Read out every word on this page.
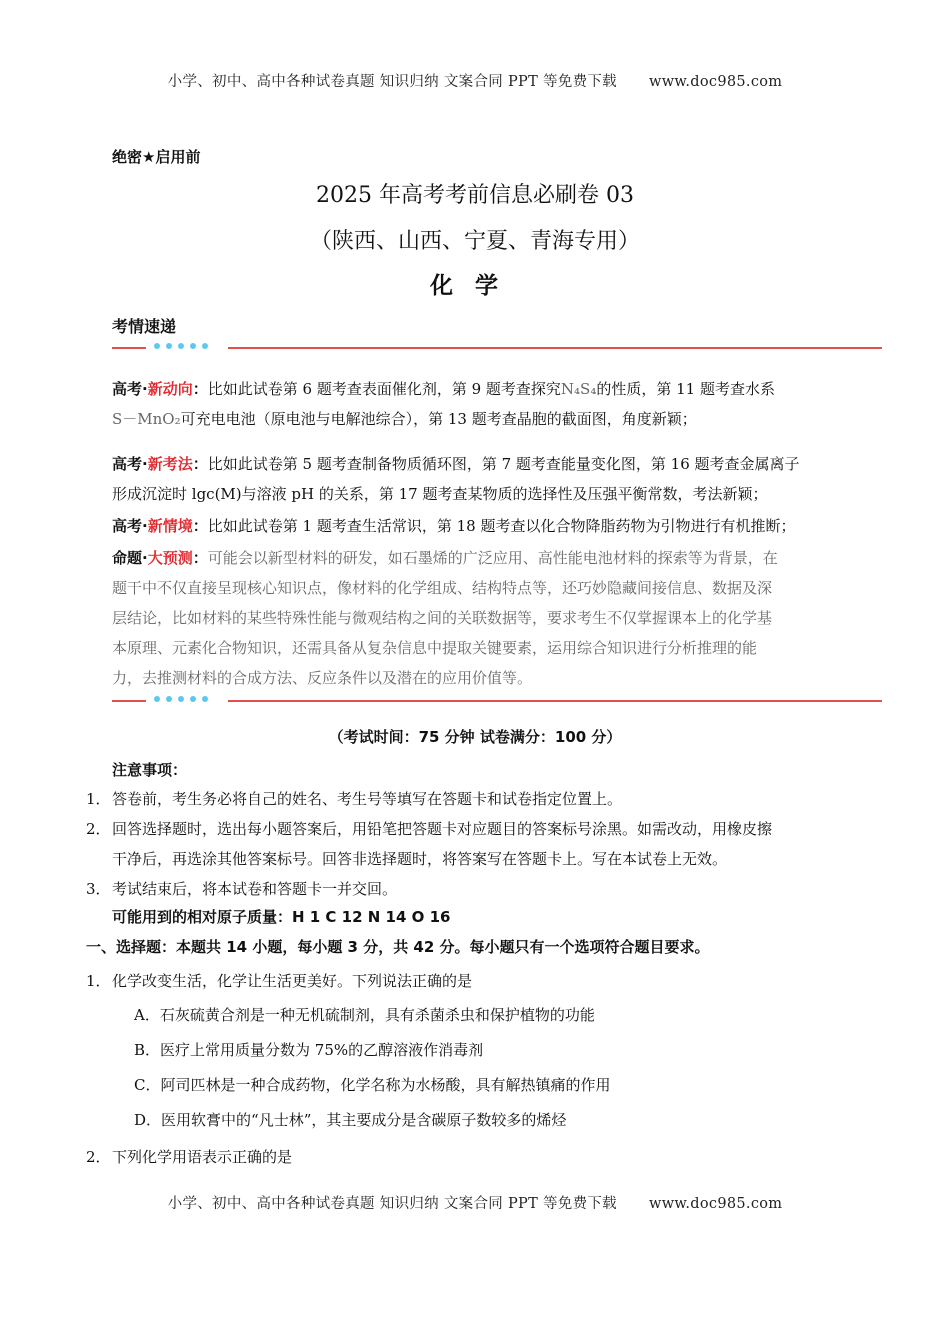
小学、初中、高中各种试卷真题 知识归纳 文案合同 PPT 等免费下载 www.doc985.com
绝密★启用前
2025 年高考考前信息必刷卷 03
（陕西、山西、宁夏、青海专用）
化学
考情速递
高考·新动向：比如此试卷第 6 题考查表面催化剂，第 9 题考查探究N₄S₄的性质，第 11 题考查水系
S－MnO₂可充电电池（原电池与电解池综合），第 13 题考查晶胞的截面图，角度新颖；
高考·新考法：比如此试卷第 5 题考查制备物质循环图，第 7 题考查能量变化图，第 16 题考查金属离子
形成沉淀时 lgc(M)与溶液 pH 的关系，第 17 题考查某物质的选择性及压强平衡常数，考法新颖；
高考·新情境：比如此试卷第 1 题考查生活常识，第 18 题考查以化合物降脂药物为引物进行有机推断；
命题·大预测：可能会以新型材料的研发，如石墨烯的广泛应用、高性能电池材料的探索等为背景，在
题干中不仅直接呈现核心知识点，像材料的化学组成、结构特点等，还巧妙隐藏间接信息、数据及深
层结论，比如材料的某些特殊性能与微观结构之间的关联数据等，要求考生不仅掌握课本上的化学基
本原理、元素化合物知识，还需具备从复杂信息中提取关键要素，运用综合知识进行分析推理的能
力，去推测材料的合成方法、反应条件以及潜在的应用价值等。
（考试时间：75 分钟 试卷满分：100 分）
注意事项：
1． 答卷前，考生务必将自己的姓名、考生号等填写在答题卡和试卷指定位置上。
2． 回答选择题时，选出每小题答案后，用铅笔把答题卡对应题目的答案标号涂黑。如需改动，用橡皮擦
干净后，再选涂其他答案标号。回答非选择题时，将答案写在答题卡上。写在本试卷上无效。
3． 考试结束后，将本试卷和答题卡一并交回。
可能用到的相对原子质量：H 1 C 12 N 14 O 16
一、选择题：本题共 14 小题，每小题 3 分，共 42 分。每小题只有一个选项符合题目要求。
1． 化学改变生活，化学让生活更美好。下列说法正确的是
A．石灰硫黄合剂是一种无机硫制剂，具有杀菌杀虫和保护植物的功能
B．医疗上常用质量分数为 75%的乙醇溶液作消毒剂
C．阿司匹林是一种合成药物，化学名称为水杨酸，具有解热镇痛的作用
D．医用软膏中的“凡士林”，其主要成分是含碳原子数较多的烯烃
2． 下列化学用语表示正确的是
小学、初中、高中各种试卷真题 知识归纳 文案合同 PPT 等免费下载 www.doc985.com
